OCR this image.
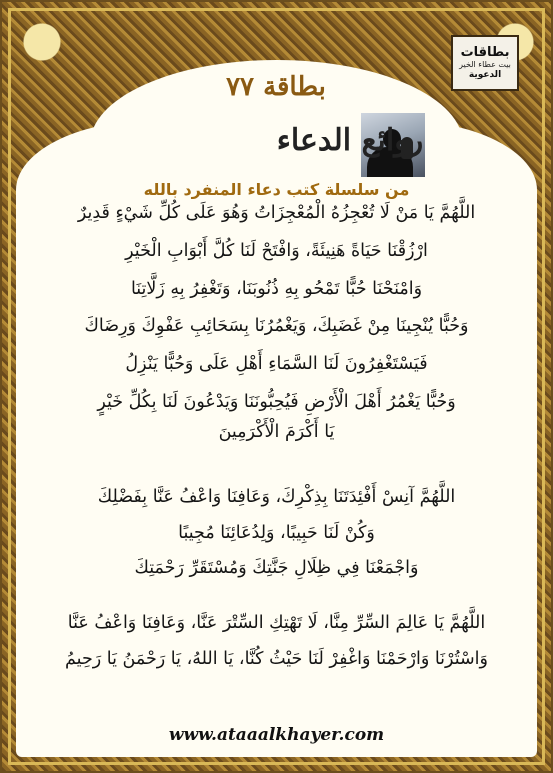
بطاقات
بيت عطاء الخير
الدعوية
بطاقة ٧٧
روائع الدعاء
من سلسلة كتب دعاء المنفرد بالله
اللَّهُمَّ يَا مَنْ لَا تُعْجِزُهُ الْمُعْجِزَاتُ وَهُوَ عَلَى كُلِّ شَيْءٍ قَدِيرٌ
ارْزُقْنَا حَيَاةً هَنِيئَةً، وَافْتَحْ لَنَا كُلَّ أَبْوَابِ الْخَيْرِ
وَامْنَحْنَا حُبًّا تَمْحُو بِهِ ذُنُوبَنَا، وَتَغْفِرُ بِهِ زَلَّاتِنَا
وَحُبًّا يُنْجِينَا مِنْ غَضَبِكَ، وَيَغْمُرُنَا بِسَحَائِبِ عَفْوِكَ وَرِضَاكَ
فَيَسْتَغْفِرُونَ لَنَا السَّمَاءِ أَهْلِ عَلَى وَحُبًّا يَنْزِلُ
وَحُبًّا يَغْمُرُ أَهْلَ الْأَرْضِ فَيُحِبُّونَنَا وَيَدْعُونَ لَنَا بِكُلِّ خَيْرٍ
يَا أَكْرَمَ الْأَكْرَمِينَ
اللَّهُمَّ آنِسْ أَفْئِدَتَنَا بِذِكْرِكَ، وَعَافِنَا وَاعْفُ عَنَّا بِفَضْلِكَ
وَكُنْ لَنَا حَبِيبًا، وَلِدُعَائِنَا مُجِيبًا
وَاجْمَعْنَا فِي ظِلَالِ جَنَّتِكَ وَمُسْتَقَرِّ رَحْمَتِكَ
اللَّهُمَّ يَا عَالِمَ السِّرِّ مِنَّا، لَا تَهْتِكِ السِّتْرَ عَنَّا، وَعَافِنَا وَاعْفُ عَنَّا
وَاسْتُرْنَا وَارْحَمْنَا وَاغْفِرْ لَنَا حَيْثُ كُنَّا، يَا اللهُ، يَا رَحْمَنُ يَا رَحِيمُ
www.ataaalkhayer.com
